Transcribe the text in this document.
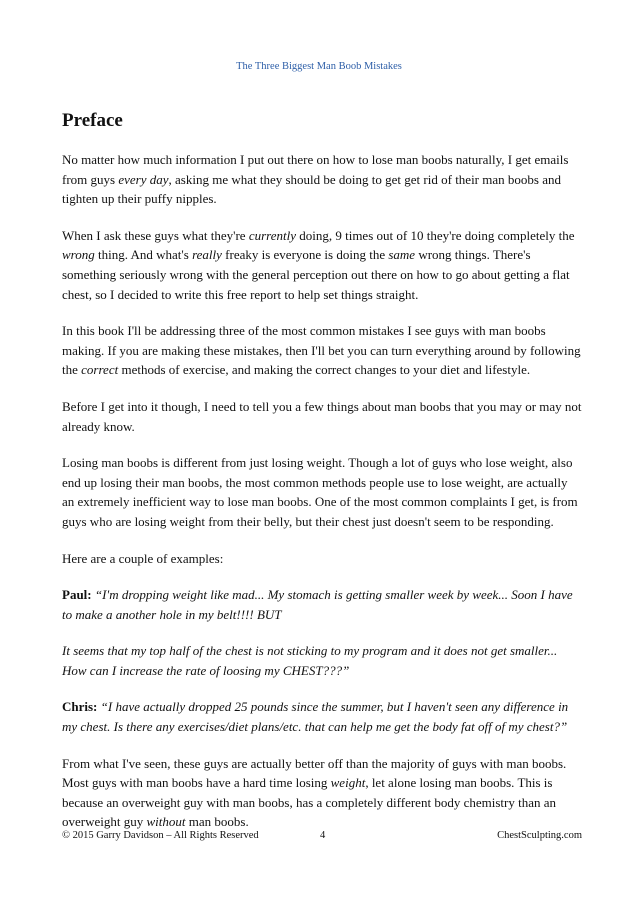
The Three Biggest Man Boob Mistakes
Preface

No matter how much information I put out there on how to lose man boobs naturally, I get emails from guys every day, asking me what they should be doing to get get rid of their man boobs and tighten up their puffy nipples.

When I ask these guys what they're currently doing, 9 times out of 10 they're doing completely the wrong thing. And what's really freaky is everyone is doing the same wrong things. There's something seriously wrong with the general perception out there on how to go about getting a flat chest, so I decided to write this free report to help set things straight.

In this book I'll be addressing three of the most common mistakes I see guys with man boobs making. If you are making these mistakes, then I'll bet you can turn everything around by following the correct methods of exercise, and making the correct changes to your diet and lifestyle.

Before I get into it though, I need to tell you a few things about man boobs that you may or may not already know.

Losing man boobs is different from just losing weight. Though a lot of guys who lose weight, also end up losing their man boobs, the most common methods people use to lose weight, are actually an extremely inefficient way to lose man boobs. One of the most common complaints I get, is from guys who are losing weight from their belly, but their chest just doesn't seem to be responding.

Here are a couple of examples:

Paul: “I'm dropping weight like mad... My stomach is getting smaller week by week... Soon I have to make a another hole in my belt!!!! BUT

It seems that my top half of the chest is not sticking to my program and it does not get smaller... How can I increase the rate of loosing my CHEST???”

Chris: “I have actually dropped 25 pounds since the summer, but I haven't seen any difference in my chest. Is there any exercises/diet plans/etc. that can help me get the body fat off of my chest?”

From what I've seen, these guys are actually better off than the majority of guys with man boobs. Most guys with man boobs have a hard time losing weight, let alone losing man boobs. This is because an overweight guy with man boobs, has a completely different body chemistry than an overweight guy without man boobs.

© 2015 Garry Davidson – All Rights Reserved	4	ChestSculpting.com
